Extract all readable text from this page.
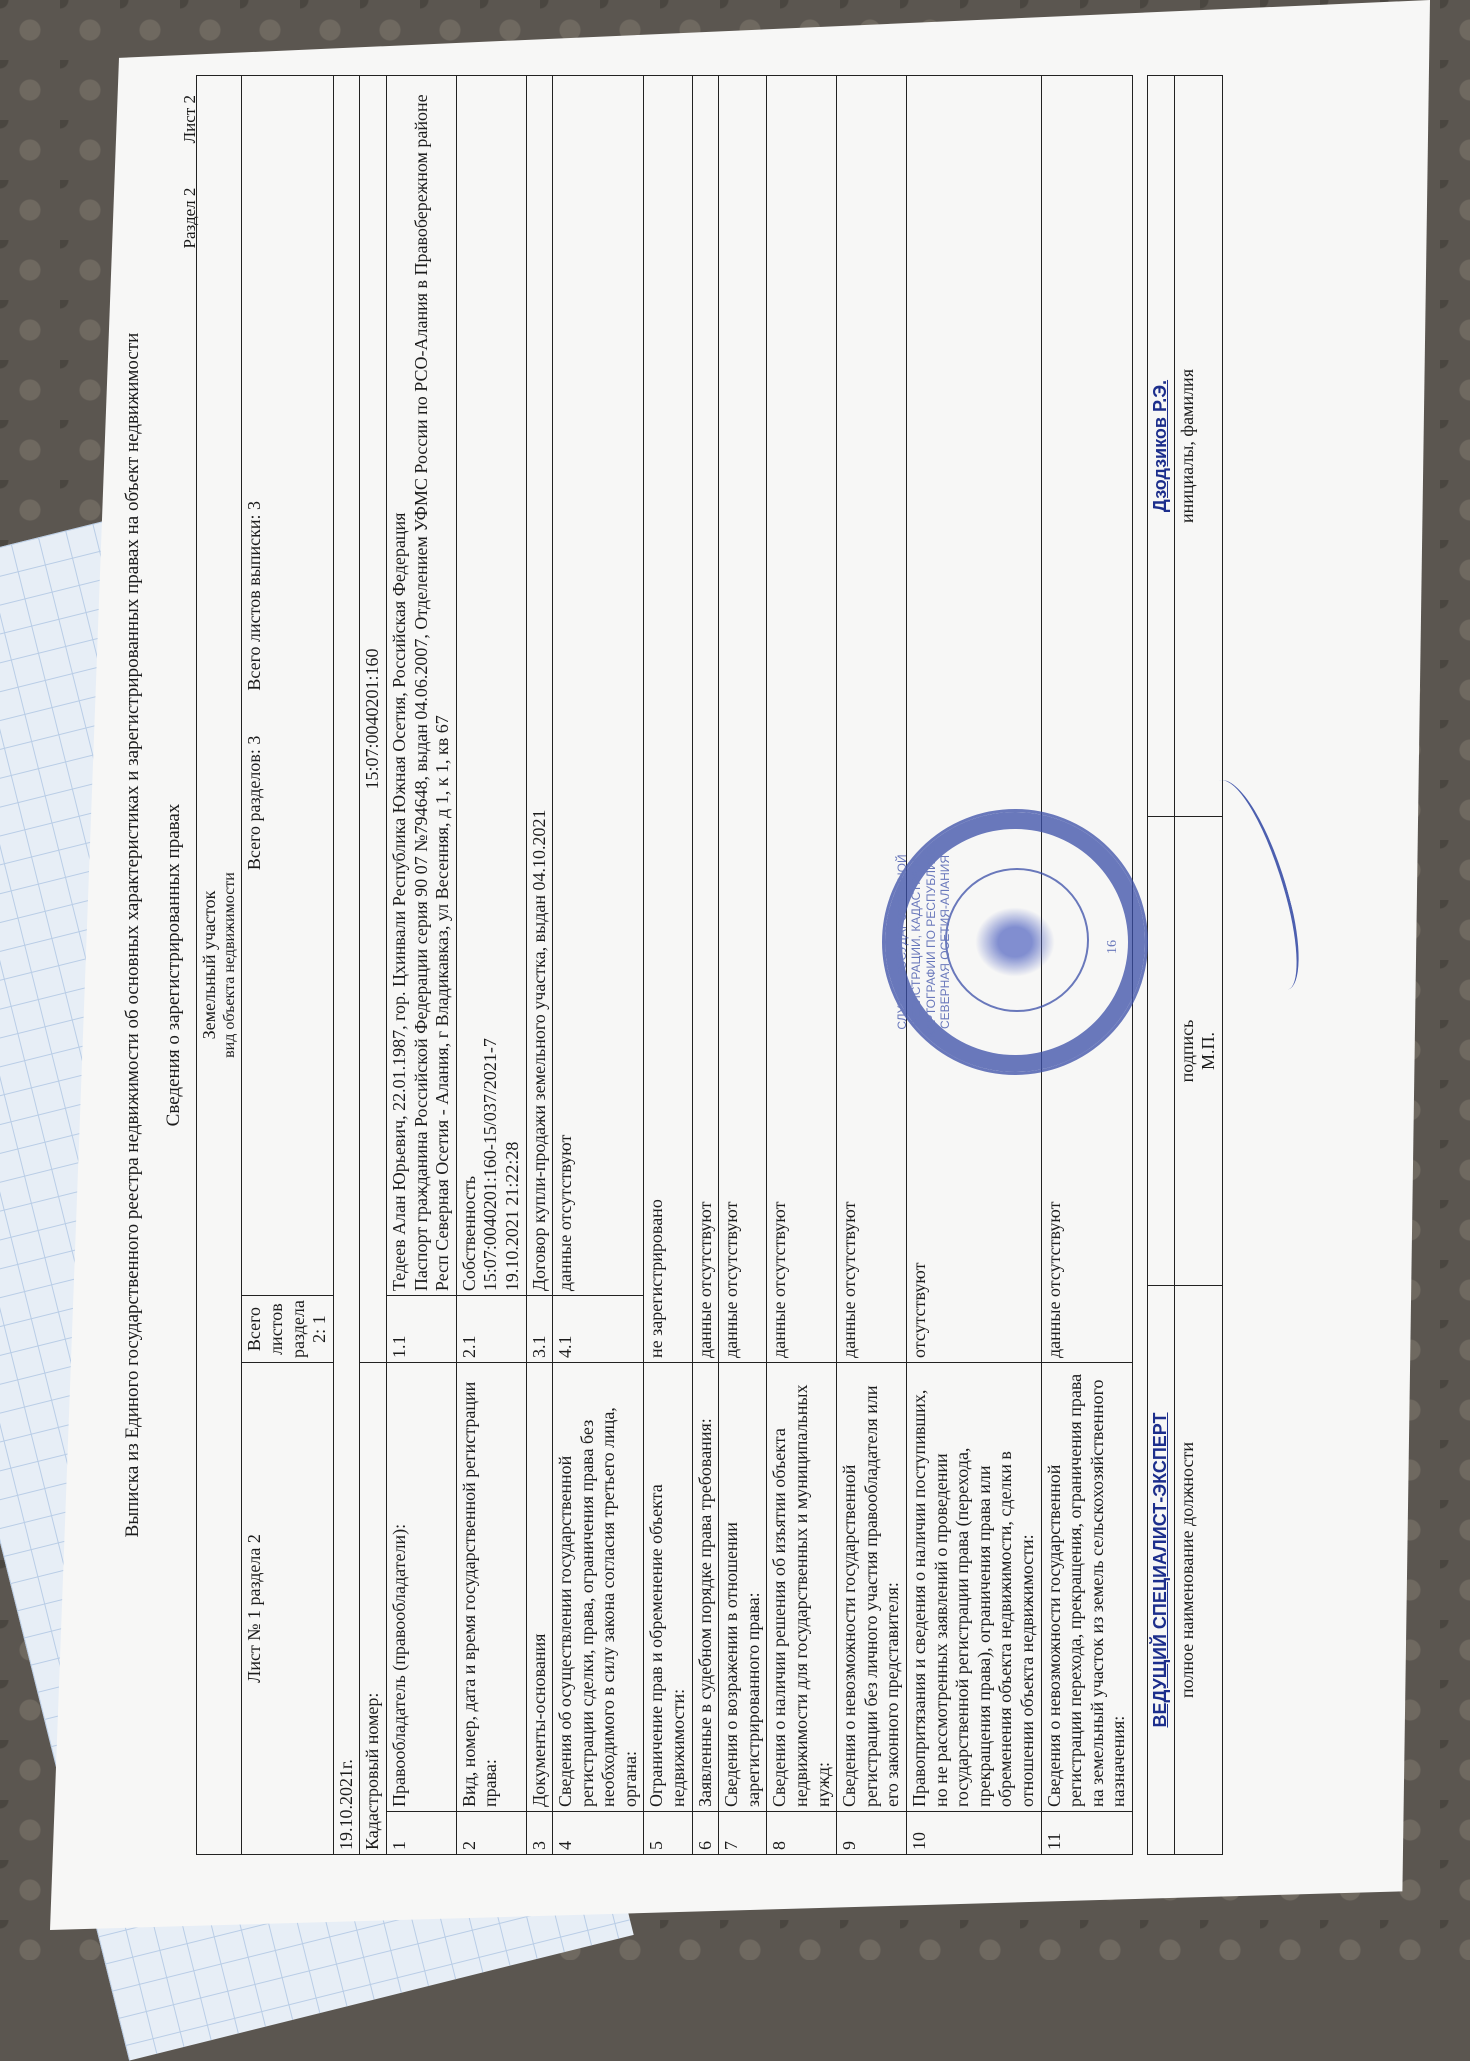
Выписка из Единого государственного реестра недвижимости об основных характеристиках и зарегистрированных правах на объект недвижимости
Раздел 2 Лист 2
Сведения о зарегистрированных правах Земельный участок вид объекта недвижимости			

Лист № 1 раздела 2		Всего листов раздела 2: 1	Всего разделов: 3          Всего листов выписки: 3
19.10.2021г.			
Кадастровый номер:		15:07:0040201:160	
1	Правообладатель (правообладатели):	1.1	Тедеев Алан Юрьевич, 22.01.1987, гор. Цхинвали Республика Южная Осетия, Российская Федерация
Паспорт гражданина Российской Федерации серия 90 07 №794648, выдан 04.06.2007, Отделением УФМС России по РСО-Алания в Правобережном районе
Респ Северная Осетия - Алания, г Владикавказ, ул Весенняя, д 1, к 1, кв 67
2	Вид, номер, дата и время государственной регистрации права:	2.1	Собственность
15:07:0040201:160-15/037/2021-7
19.10.2021 21:22:28
3	Документы-основания	3.1	Договор купли-продажи земельного участка, выдан 04.10.2021
4	Сведения об осуществлении государственной регистрации сделки, права, ограничения права без необходимого в силу закона согласия третьего лица, органа:	4.1	данные отсутствуют
5	Ограничение прав и обременение объекта недвижимости:	не зарегистрировано	
6	Заявленные в судебном порядке права требования:	данные отсутствуют	
7	Сведения о возражении в отношении зарегистрированного права:	данные отсутствуют	
8	Сведения о наличии решения об изъятии объекта недвижимости для государственных и муниципальных нужд:	данные отсутствуют	
9	Сведения о невозможности государственной регистрации без личного участия правообладателя или его законного представителя:	данные отсутствуют	
10	Правопритязания и сведения о наличии поступивших, но не рассмотренных заявлений о проведении государственной регистрации права (перехода, прекращения права), ограничения права или обременения объекта недвижимости, сделки в отношении объекта недвижимости:	отсутствуют	
11	Сведения о невозможности государственной регистрации перехода, прекращения, ограничения права на земельный участок из земель сельскохозяйственного назначения:	данные отсутствуют	
ВЕДУЩИЙ СПЕЦИАЛИСТ-ЭКСПЕРТ		Дзодзиков Р.Э.
полное наименование должности	подпись М.П.	инициалы, фамилия
СЛУЖБА ГОСУДАРСТВЕННОЙ РЕГИСТРАЦИИ, КАДАСТРА И КАРТОГРАФИИ ПО РЕСПУБЛИКЕ СЕВЕРНАЯ ОСЕТИЯ-АЛАНИЯ	16
